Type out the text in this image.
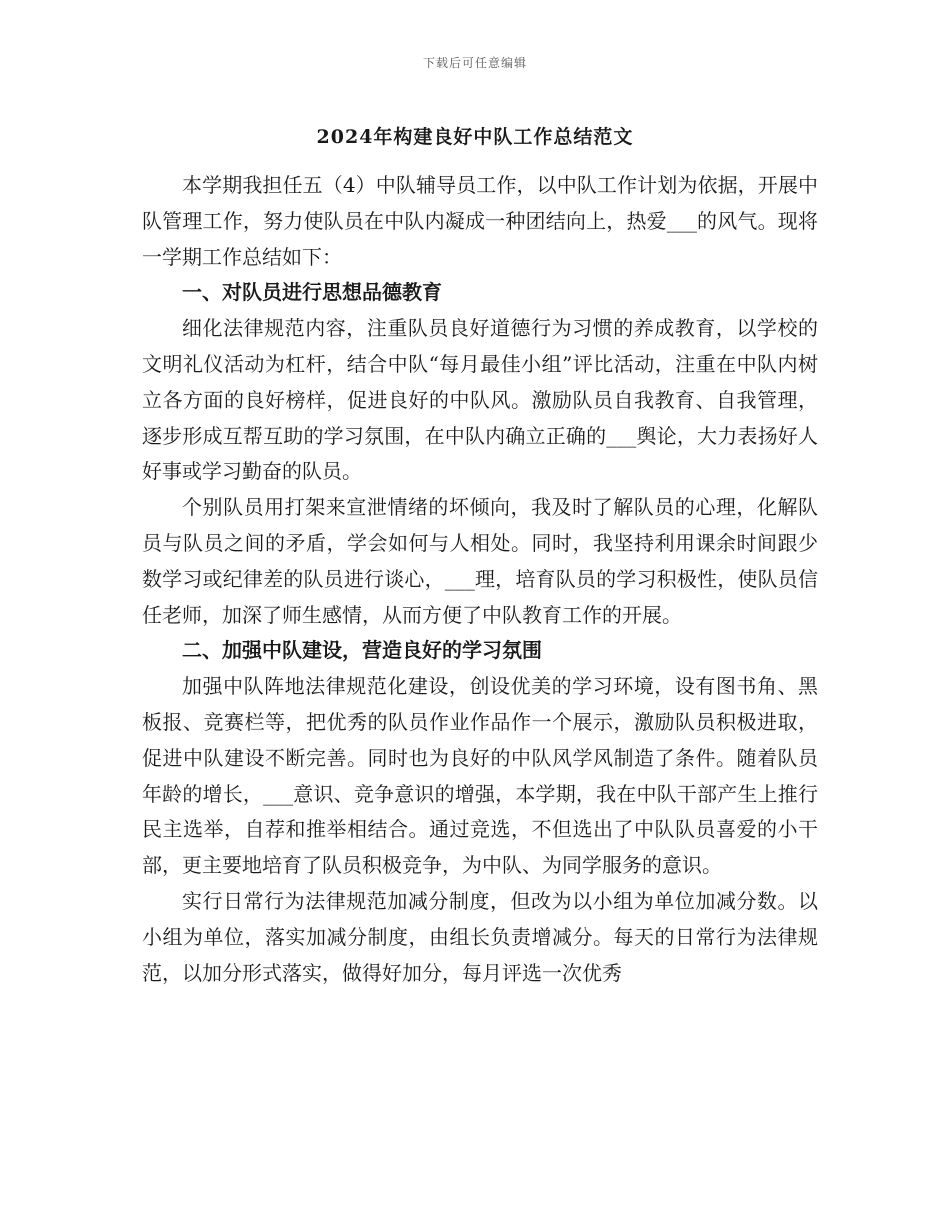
下载后可任意编辑
2024年构建良好中队工作总结范文

本学期我担任五（4）中队辅导员工作，以中队工作计划为依据，开展中队管理工作，努力使队员在中队内凝成一种团结向上，热爱___的风气。现将一学期工作总结如下：

一、对队员进行思想品德教育

细化法律规范内容，注重队员良好道德行为习惯的养成教育，以学校的文明礼仪活动为杠杆，结合中队“每月最佳小组”评比活动，注重在中队内树立各方面的良好榜样，促进良好的中队风。激励队员自我教育、自我管理，逐步形成互帮互助的学习氛围，在中队内确立正确的___舆论，大力表扬好人好事或学习勤奋的队员。

个别队员用打架来宣泄情绪的坏倾向，我及时了解队员的心理，化解队员与队员之间的矛盾，学会如何与人相处。同时，我坚持利用课余时间跟少数学习或纪律差的队员进行谈心，___理，培育队员的学习积极性，使队员信任老师，加深了师生感情，从而方便了中队教育工作的开展。

二、加强中队建设，营造良好的学习氛围

加强中队阵地法律规范化建设，创设优美的学习环境，设有图书角、黑板报、竞赛栏等，把优秀的队员作业作品作一个展示，激励队员积极进取，促进中队建设不断完善。同时也为良好的中队风学风制造了条件。随着队员年龄的增长，___意识、竞争意识的增强，本学期，我在中队干部产生上推行民主选举，自荐和推举相结合。通过竞选，不但选出了中队队员喜爱的小干部，更主要地培育了队员积极竞争，为中队、为同学服务的意识。

实行日常行为法律规范加减分制度，但改为以小组为单位加减分数。以小组为单位，落实加减分制度，由组长负责增减分。每天的日常行为法律规范，以加分形式落实，做得好加分，每月评选一次优秀
